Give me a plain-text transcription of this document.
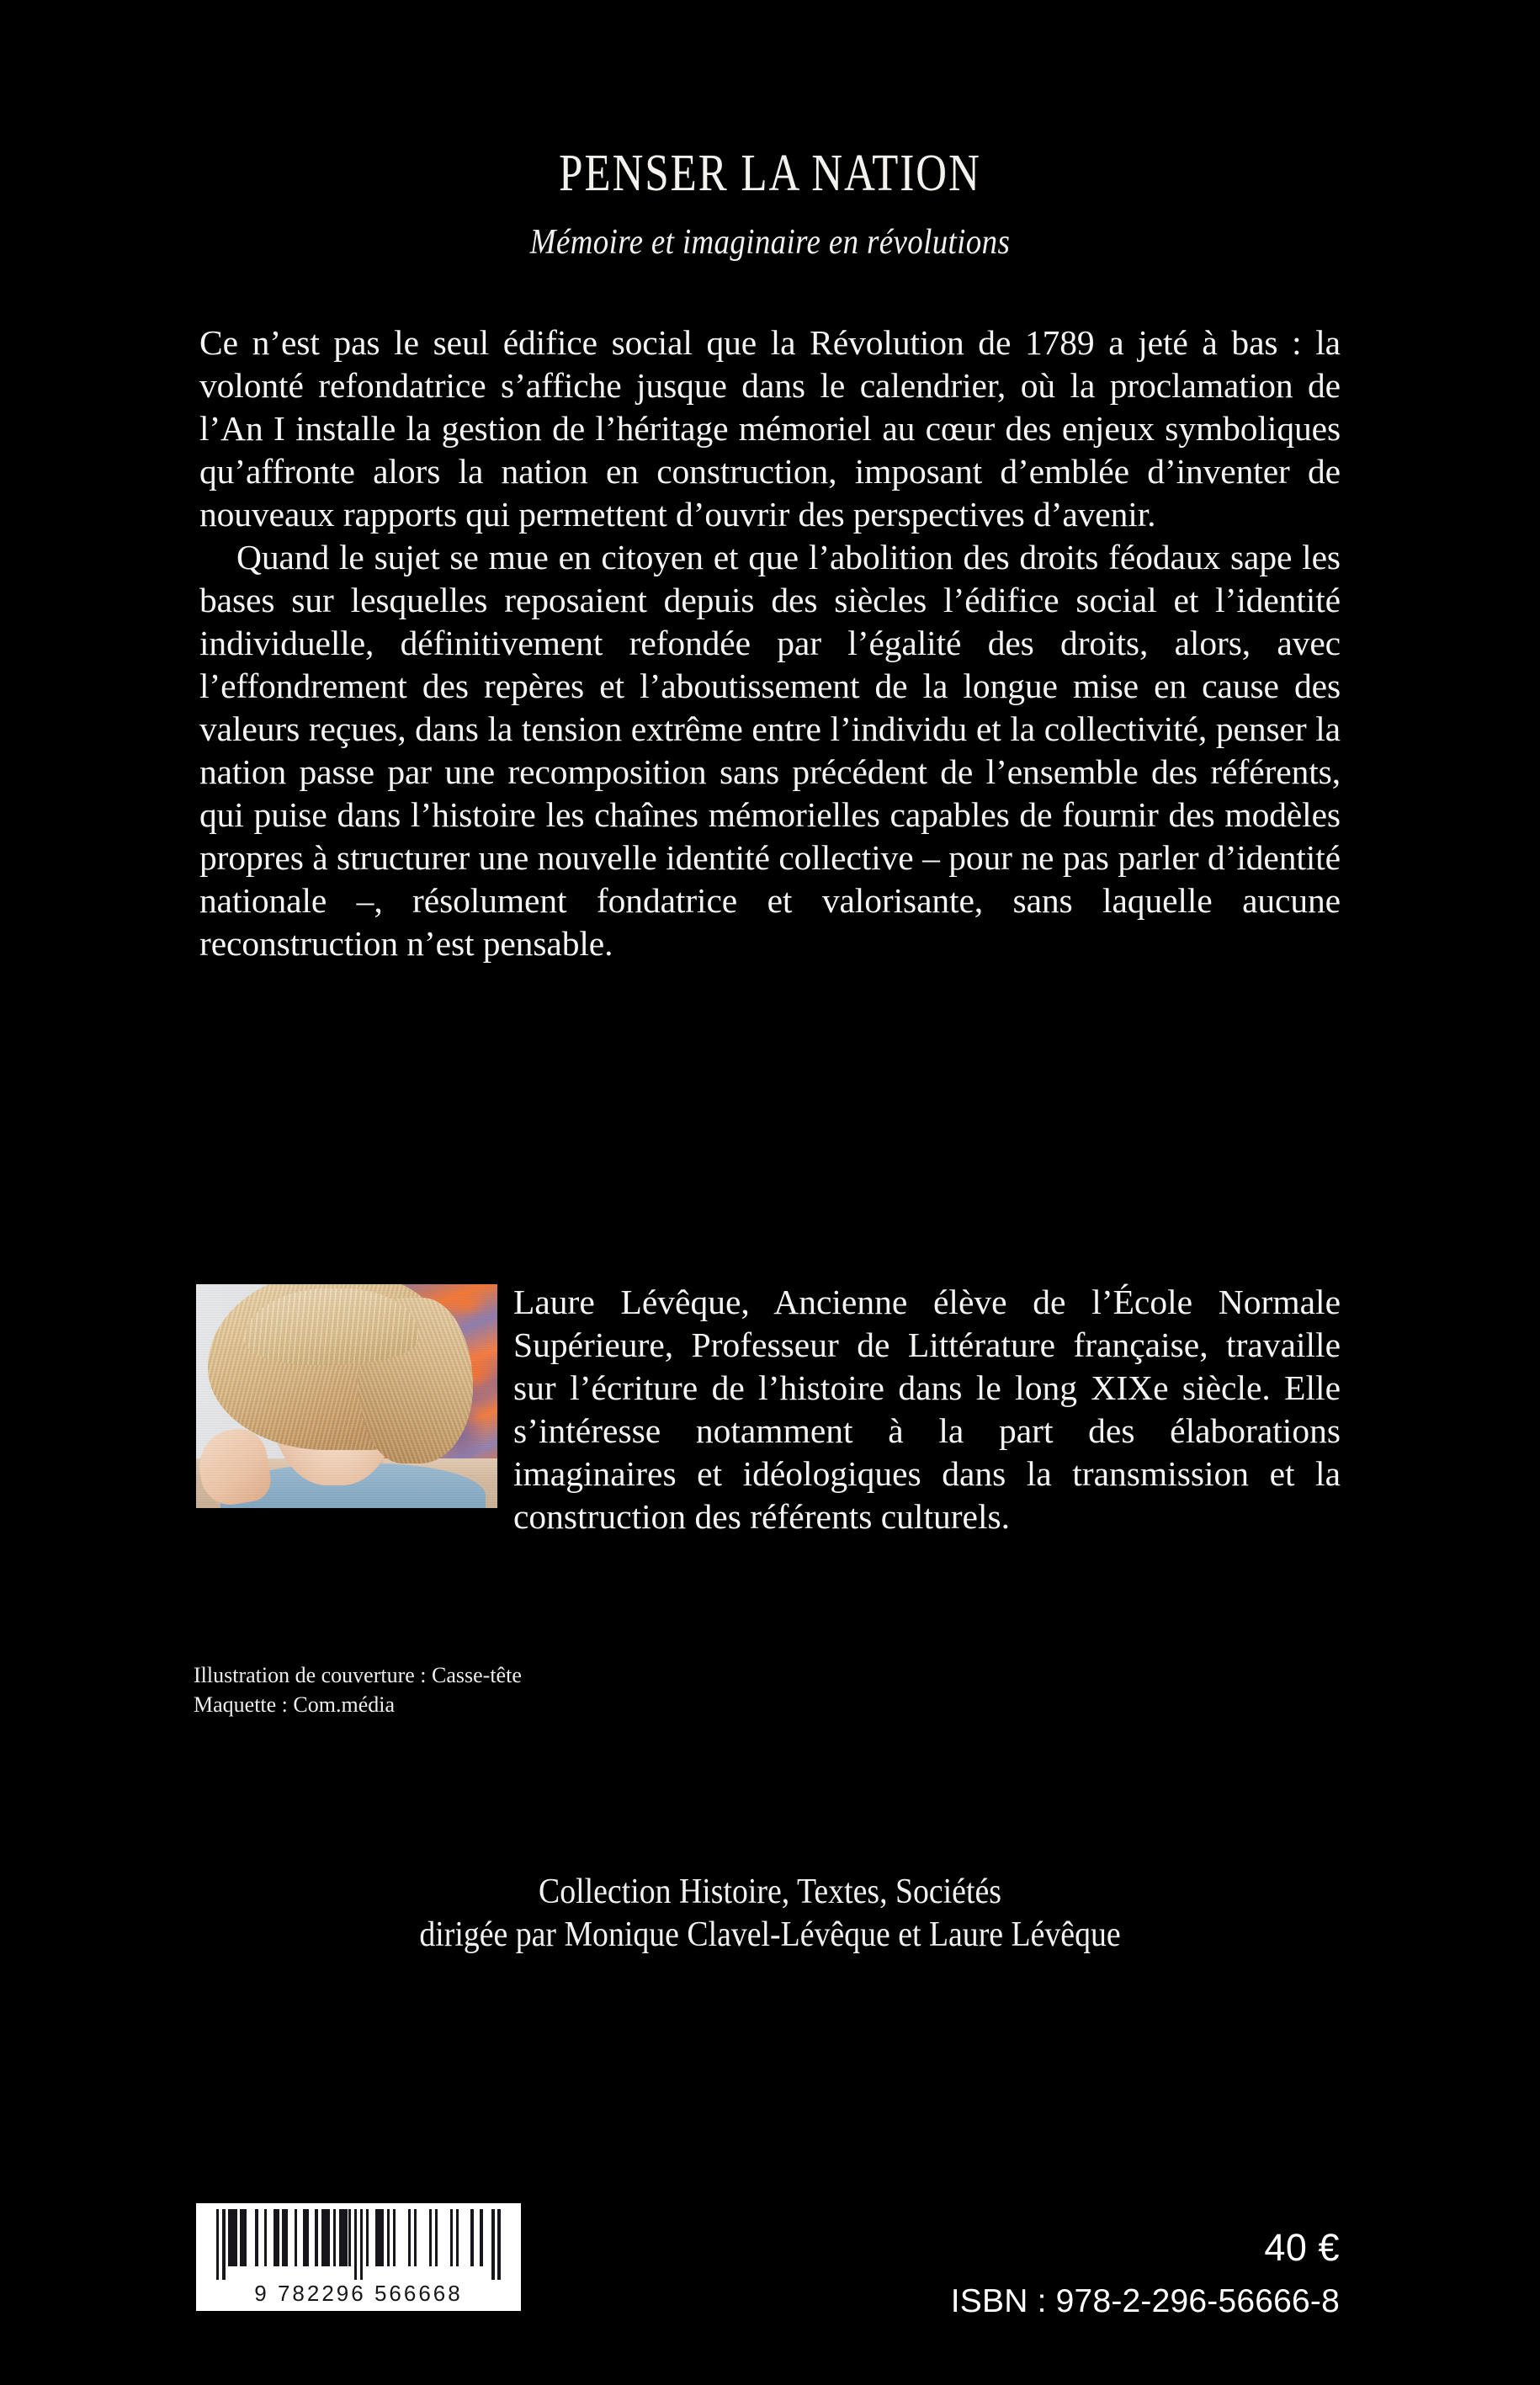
PENSER LA NATION
Mémoire et imaginaire en révolutions

Ce n’est pas le seul édifice social que la Révolution de 1789 a jeté à bas : la volonté refondatrice s’affiche jusque dans le calendrier, où la proclamation de l’An I installe la gestion de l’héritage mémoriel au cœur des enjeux symboliques qu’affronte alors la nation en construction, imposant d’emblée d’inventer de nouveaux rapports qui permettent d’ouvrir des perspectives d’avenir.

Quand le sujet se mue en citoyen et que l’abolition des droits féodaux sape les bases sur lesquelles reposaient depuis des siècles l’édifice social et l’identité individuelle, définitivement refondée par l’égalité des droits, alors, avec l’effondrement des repères et l’aboutissement de la longue mise en cause des valeurs reçues, dans la tension extrême entre l’individu et la collectivité, penser la nation passe par une recomposition sans précédent de l’ensemble des référents, qui puise dans l’histoire les chaînes mémorielles capables de fournir des modèles propres à structurer une nouvelle identité collective – pour ne pas parler d’identité nationale –, résolument fondatrice et valorisante, sans laquelle aucune reconstruction n’est pensable.

Laure Lévêque, Ancienne élève de l’École Normale Supérieure, Professeur de Littérature française, travaille sur l’écriture de l’histoire dans le long XIXe siècle. Elle s’intéresse notamment à la part des élaborations imaginaires et idéologiques dans la transmission et la construction des référents culturels.

Illustration de couverture : Casse-tête
Maquette : Com.média
Collection Histoire, Textes, Sociétés
dirigée par Monique Clavel-Lévêque et Laure Lévêque
9 782296 566668
40 €
ISBN : 978-2-296-56666-8
